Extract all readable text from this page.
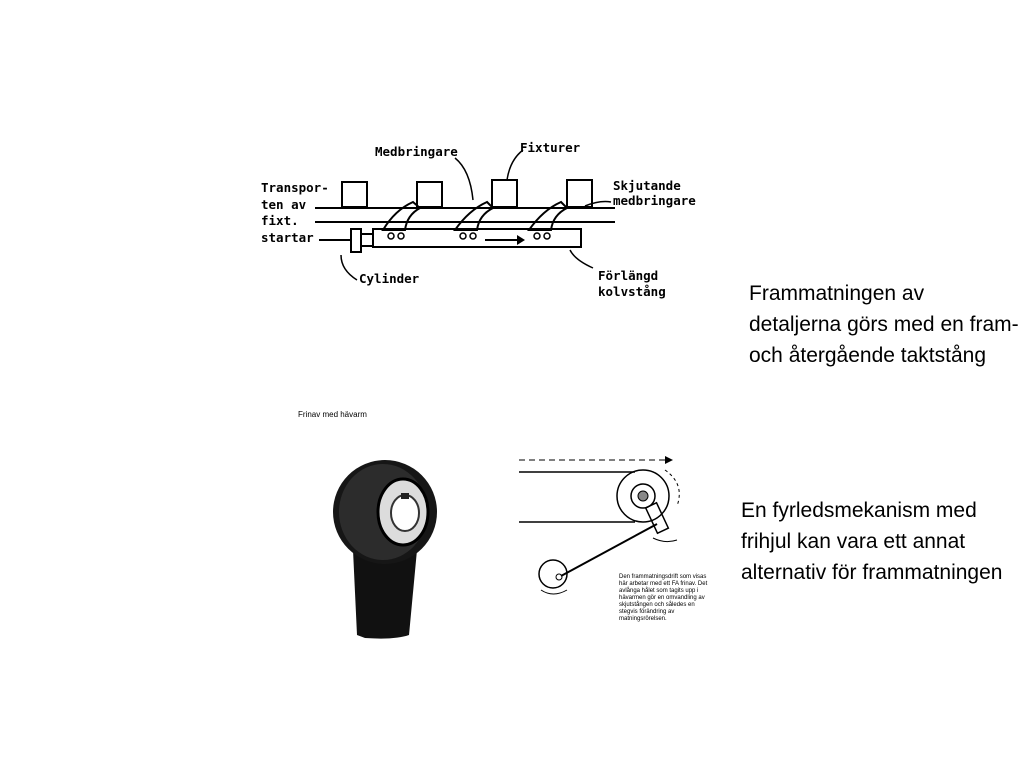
Medbringare	Fixturer
Transpor-
ten av
fixt.
startar
Skjutande
medbringare
Cylinder	Förlängd
kolvstång	Frammatningen av detaljerna görs med en fram- och återgående taktstång
Frinav med hävarm
Den frammatningsdrift som visas här arbetar med ett FA frinav. Det avlånga hålet som tagits upp i hävarmen gör en omvandling av skjutstången och således en stegvis förändring av matningsrörelsen.
En fyrledsmekanism med frihjul kan vara ett annat alternativ för frammatningen
